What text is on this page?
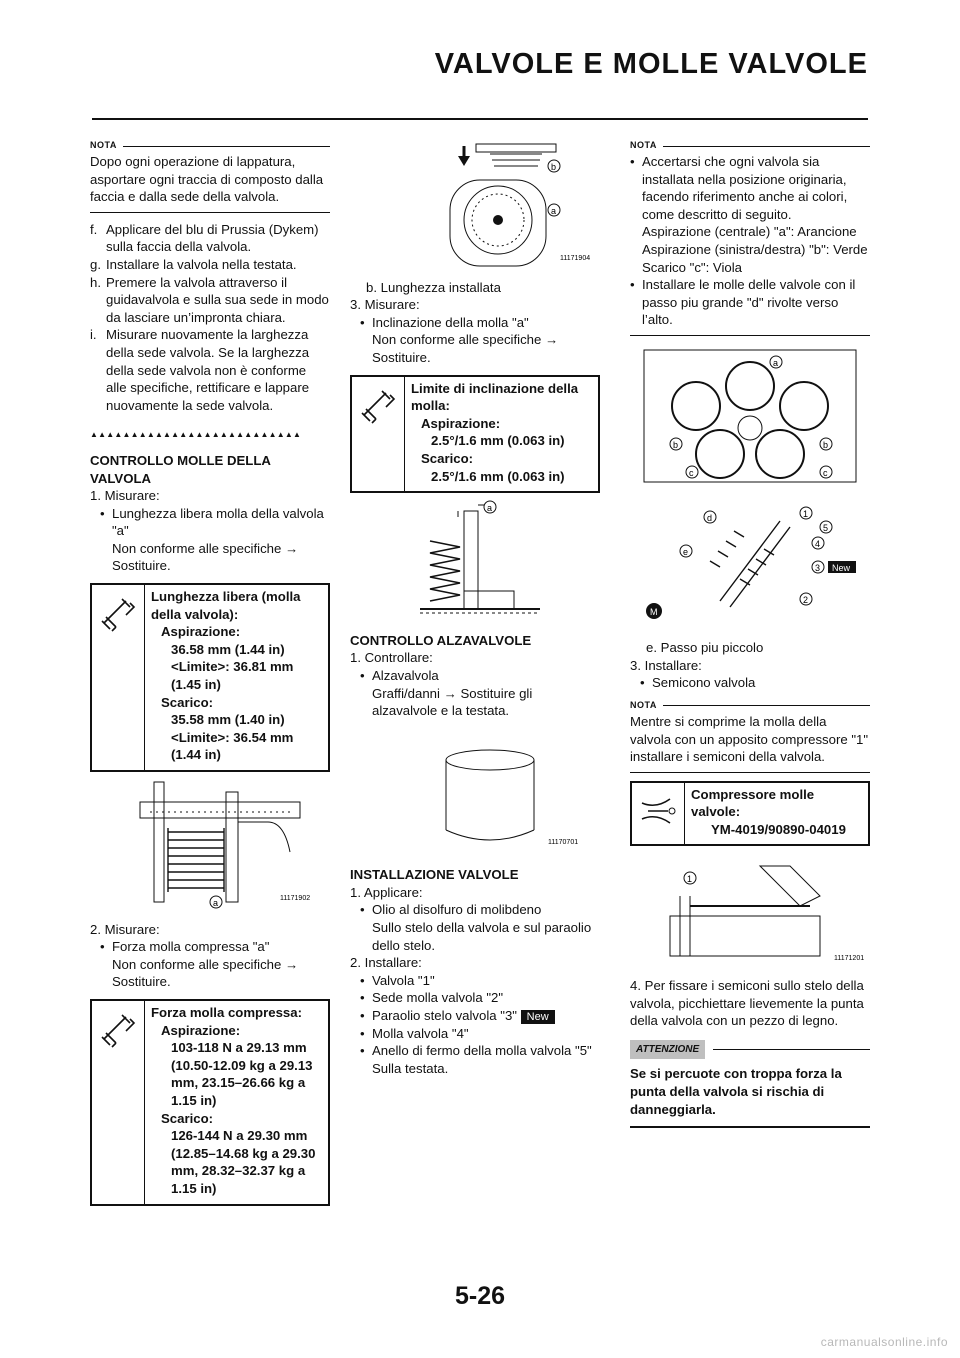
VALVOLE E MOLLE VALVOLE
NOTA
Dopo ogni operazione di lappatura, asportare ogni traccia di composto dalla faccia e dalla sede della valvola.
f. Applicare del blu di Prussia (Dykem) sulla faccia della valvola.
g. Installare la valvola nella testata.
h. Premere la valvola attraverso il guidavalvola e sulla sua sede in modo da lasciare un’impronta chiara.
i. Misurare nuovamente la larghezza della sede valvola. Se la larghezza della sede valvola non è conforme alle specifiche, rettificare e lappare nuovamente la sede valvola.
▲▲▲▲▲▲▲▲▲▲▲▲▲▲▲▲▲▲▲▲▲▲▲▲▲▲
CONTROLLO MOLLE DELLA VALVOLA
1. Misurare:
• Lunghezza libera molla della valvola "a"
Non conforme alle specifiche → Sostituire.
Lunghezza libera (molla della valvola):
Aspirazione:
36.58 mm (1.44 in)
<Limite>: 36.81 mm (1.45 in)
Scarico:
35.58 mm (1.40 in)
<Limite>: 36.54 mm (1.44 in)
a	11171902
2. Misurare:
• Forza molla compressa "a"
Non conforme alle specifiche → Sostituire.
Forza molla compressa:
Aspirazione:
103-118 N a 29.13 mm (10.50-12.09 kg a 29.13 mm, 23.15–26.66 kg a 1.15 in)
Scarico:
126-144 N a 29.30 mm (12.85–14.68 kg a 29.30 mm, 28.32–32.37 kg a 1.15 in)
b
a
11171904
b. Lunghezza installata
3. Misurare:
• Inclinazione della molla "a"
Non conforme alle specifiche → Sostituire.
Limite di inclinazione della molla:
Aspirazione:
2.5°/1.6 mm (0.063 in)
Scarico:
2.5°/1.6 mm (0.063 in)
a
CONTROLLO ALZAVALVOLE
1. Controllare:
• Alzavalvola
Graffi/danni → Sostituire gli alzavalvole e la testata.
11170701
INSTALLAZIONE VALVOLE
1. Applicare:
• Olio al disolfuro di molibdeno
Sullo stelo della valvola e sul paraolio dello stelo.
2. Installare:
• Valvola "1"
• Sede molla valvola "2"
• Paraolio stelo valvola "3" New
• Molla valvola "4"
• Anello di fermo della molla valvola "5"
Sulla testata.
NOTA
• Accertarsi che ogni valvola sia installata nella posizione originaria, facendo riferimento anche ai colori, come descritto di seguito.
Aspirazione (centrale) "a": Arancione
Aspirazione (sinistra/destra) "b": Verde
Scarico "c": Viola
• Installare le molle delle valvole con il passo piu grande "d" rivolte verso l’alto.
a
b	b
c	c
M
d
e
1
2
3
4
5
New
e. Passo piu piccolo
3. Installare:
• Semicono valvola
NOTA
Mentre si comprime la molla della valvola con un apposito compressore "1" installare i semiconi della valvola.
Compressore molle valvole:
YM-4019/90890-04019
1
11171201
4. Per fissare i semiconi sullo stelo della valvola, picchiettare lievemente la punta della valvola con un pezzo di legno.
ATTENZIONE
Se si percuote con troppa forza la punta della valvola si rischia di danneggiarla.
5-26
carmanualsonline.info
